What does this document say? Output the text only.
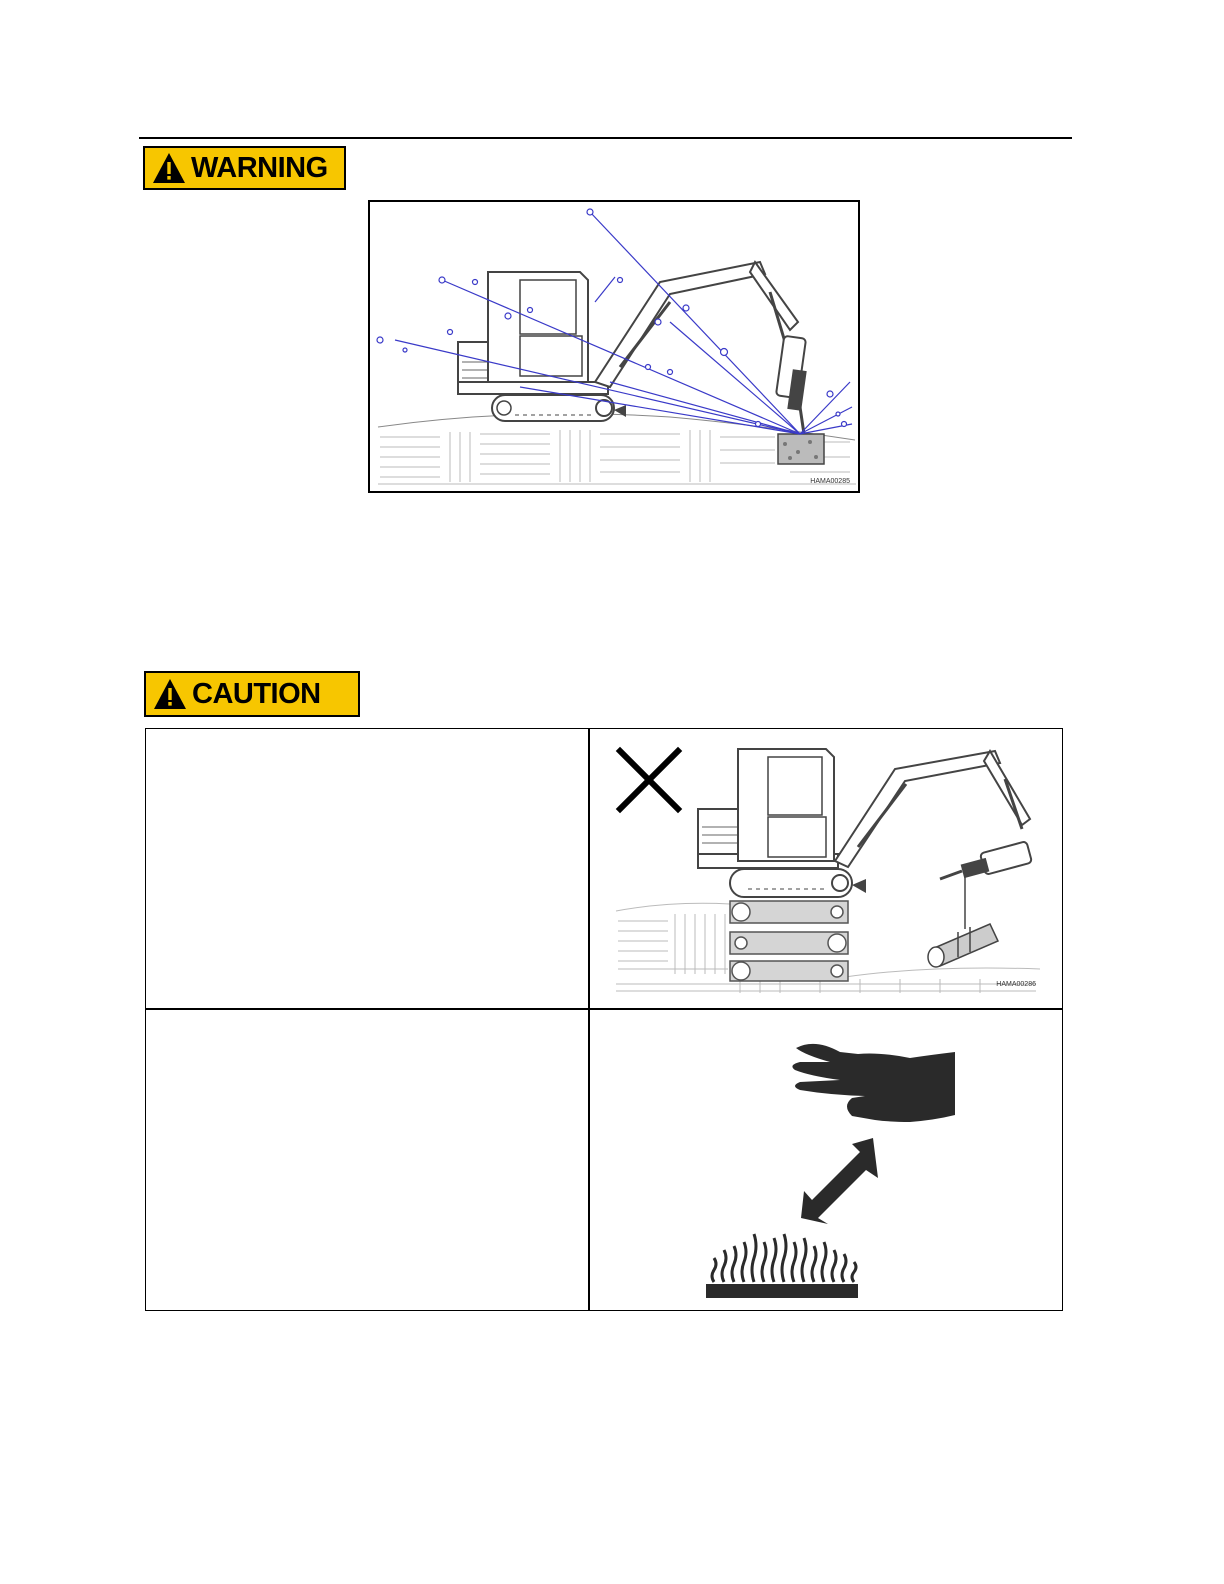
WARNING
HAMA00285
CAUTION
HAMA00286
